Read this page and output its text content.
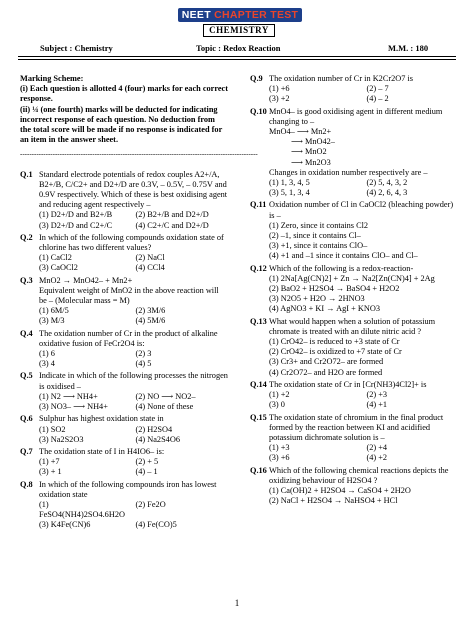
NEET CHAPTER TEST
CHEMISTRY
Subject : Chemistry	Topic : Redox Reaction	M.M. : 180
Marking Scheme:
(i) Each question is allotted 4 (four) marks for each correct response.
(ii) ¼ (one fourth) marks will be deducted for indicating incorrect response of each question. No deduction from the total score will be made if no response is indicated for an item in the answer sheet.
------------------------------------------------------------------------------------------------------
Q.1 Standard electrode potentials of redox couples A2+/A, B2+/B, C/C2+ and D2+/D are 0.3V, – 0.5V, – 0.75V and 0.9V respectively. Which of these is best oxidising agent and reducing agent respectively –
(1) D2+/D and B2+/B	(2) B2+/B and D2+/D
(3) D2+/D and C2+/C	(4) C2+/C and D2+/D
Q.2 In which of the following compounds oxidation state of chlorine has two different values?
(1) CaCl2	(2) NaCl
(3) CaOCl2	(4) CCl4
Q.3 MnO2 → MnO42– + Mn2+
Equivalent weight of MnO2 in the above reaction will be – (Molecular mass = M)
(1) 6M/5	(2) 3M/6
(3) M/3	(4) 5M/6
Q.4 The oxidation number of Cr in the product of alkaline oxidative fusion of FeCr2O4 is:
(1) 6	(2) 3
(3) 4	(4) 5
Q.5 Indicate in which of the following processes the nitrogen is oxidised –
(1) N2 ⟶ NH4+	(2) NO ⟶ NO2–
(3) NO3– ⟶ NH4+	(4) None of these
Q.6 Sulphur has highest oxidation state in
(1) SO2	(2) H2SO4
(3) Na2S2O3	(4) Na2S4O6
Q.7 The oxidation state of I in H4IO6– is:
(1) +7	(2) + 5
(3) + 1	(4) – 1
Q.8 In which of the following compounds iron has lowest oxidation state
(1) FeSO4(NH4)2SO4.6H2O
(2) Fe2O
(3) K4Fe(CN)6	(4) Fe(CO)5
Q.9 The oxidation number of Cr in K2Cr2O7 is
(1) +6	(2) – 7
(3) +2	(4) – 2
Q.10 MnO4– is good oxidising agent in different medium changing to –
MnO4– ⟶ Mn2+
⟶ MnO42–
⟶ MnO2
⟶ Mn2O3
Changes in oxidation number respectively are –
(1) 1, 3, 4, 5	(2) 5, 4, 3, 2
(3) 5, 1, 3, 4	(4) 2, 6, 4, 3
Q.11 Oxidation number of Cl in CaOCl2 (bleaching powder) is –
(1) Zero, since it contains Cl2
(2) –1, since it contains Cl–
(3) +1, since it contains ClO–
(4) +1 and –1 since it contains ClO– and Cl–
Q.12 Which of the following is a redox-reaction-
(1) 2Na[Ag(CN)2] + Zn → Na2[Zn(CN)4] + 2Ag
(2) BaO2 + H2SO4 → BaSO4 + H2O2
(3) N2O5 + H2O → 2HNO3
(4) AgNO3 + KI → AgI + KNO3
Q.13 What would happen when a solution of potassium chromate is treated with an dilute nitric acid ?
(1) CrO42– is reduced to +3 state of Cr
(2) CrO42– is oxidized to +7 state of Cr
(3) Cr3+ and Cr2O72– are formed
(4) Cr2O72– and H2O are formed
Q.14 The oxidation state of Cr in [Cr(NH3)4Cl2]+ is
(1) +2	(2) +3
(3) 0	(4) +1
Q.15 The oxidation state of chromium in the final product formed by the reaction between KI and acidified potassium dichromate solution is –
(1) +3	(2) +4
(3) +6	(4) +2
Q.16 Which of the following chemical reactions depicts the oxidizing behaviour of H2SO4 ?
(1) Ca(OH)2 + H2SO4 → CaSO4 + 2H2O
(2) NaCl + H2SO4 → NaHSO4 + HCl
1
